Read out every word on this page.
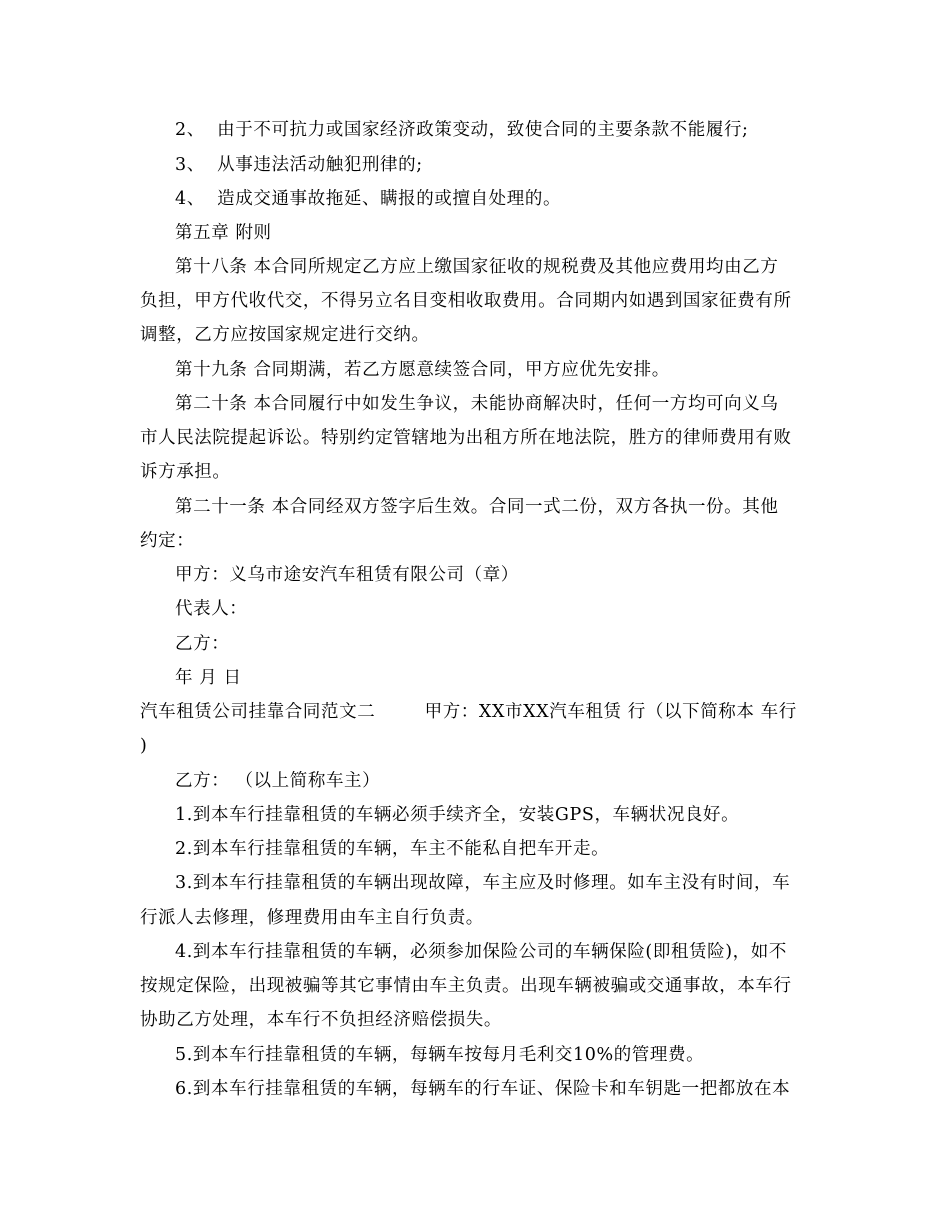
2、  由于不可抗力或国家经济政策变动，致使合同的主要条款不能履行;
3、  从事违法活动触犯刑律的;
4、  造成交通事故拖延、瞒报的或擅自处理的。
第五章 附则
第十八条 本合同所规定乙方应上缴国家征收的规税费及其他应费用均由乙方
负担，甲方代收代交，不得另立名目变相收取费用。合同期内如遇到国家征费有所
调整，乙方应按国家规定进行交纳。
第十九条 合同期满，若乙方愿意续签合同，甲方应优先安排。
第二十条 本合同履行中如发生争议，未能协商解决时，任何一方均可向义乌
市人民法院提起诉讼。特别约定管辖地为出租方所在地法院，胜方的律师费用有败
诉方承担。
第二十一条 本合同经双方签字后生效。合同一式二份，双方各执一份。其他
约定：
甲方：义乌市途安汽车租赁有限公司（章）
代表人：
乙方：
年 月 日
汽车租赁公司挂靠合同范文二        甲方：XX市XX汽车租赁 行（以下简称本 车行
)
乙方： （以上简称车主）
1.到本车行挂靠租赁的车辆必须手续齐全，安装GPS，车辆状况良好。
2.到本车行挂靠租赁的车辆，车主不能私自把车开走。
3.到本车行挂靠租赁的车辆出现故障，车主应及时修理。如车主没有时间，车
行派人去修理，修理费用由车主自行负责。
4.到本车行挂靠租赁的车辆，必须参加保险公司的车辆保险(即租赁险)，如不
按规定保险，出现被骗等其它事情由车主负责。出现车辆被骗或交通事故，本车行
协助乙方处理，本车行不负担经济赔偿损失。
5.到本车行挂靠租赁的车辆，每辆车按每月毛利交10%的管理费。
6.到本车行挂靠租赁的车辆，每辆车的行车证、保险卡和车钥匙一把都放在本
